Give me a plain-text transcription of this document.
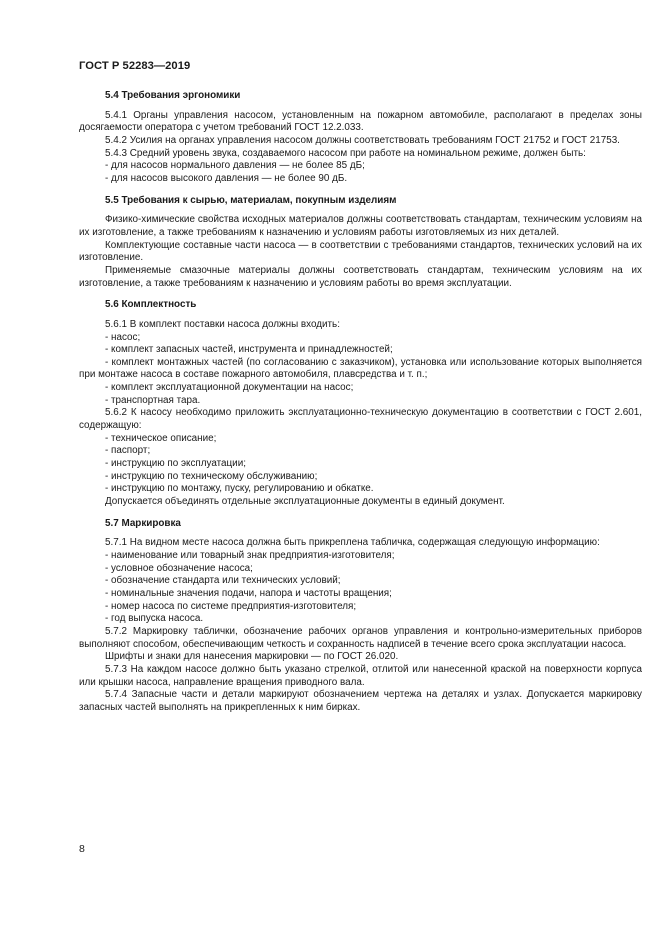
ГОСТ Р 52283—2019
5.4 Требования эргономики

5.4.1 Органы управления насосом, установленным на пожарном автомобиле, располагают в пределах зоны досягаемости оператора с учетом требований ГОСТ 12.2.033.

5.4.2 Усилия на органах управления насосом должны соответствовать требованиям ГОСТ 21752 и ГОСТ 21753.

5.4.3 Средний уровень звука, создаваемого насосом при работе на номинальном режиме, должен быть:

- для насосов нормального давления — не более 85 дБ;

- для насосов высокого давления — не более 90 дБ.

5.5 Требования к сырью, материалам, покупным изделиям

Физико-химические свойства исходных материалов должны соответствовать стандартам, техническим условиям на их изготовление, а также требованиям к назначению и условиям работы изготовляемых из них деталей.

Комплектующие составные части насоса — в соответствии с требованиями стандартов, технических условий на их изготовление.

Применяемые смазочные материалы должны соответствовать стандартам, техническим условиям на их изготовление, а также требованиям к назначению и условиям работы во время эксплуатации.

5.6 Комплектность

5.6.1 В комплект поставки насоса должны входить:

- насос;

- комплект запасных частей, инструмента и принадлежностей;

- комплект монтажных частей (по согласованию с заказчиком), установка или использование которых выполняется при монтаже насоса в составе пожарного автомобиля, плавсредства и т. п.;

- комплект эксплуатационной документации на насос;

- транспортная тара.

5.6.2 К насосу необходимо приложить эксплуатационно-техническую документацию в соответствии с ГОСТ 2.601, содержащую:

- техническое описание;

- паспорт;

- инструкцию по эксплуатации;

- инструкцию по техническому обслуживанию;

- инструкцию по монтажу, пуску, регулированию и обкатке.

Допускается объединять отдельные эксплуатационные документы в единый документ.

5.7 Маркировка

5.7.1 На видном месте насоса должна быть прикреплена табличка, содержащая следующую информацию:

- наименование или товарный знак предприятия-изготовителя;

- условное обозначение насоса;

- обозначение стандарта или технических условий;

- номинальные значения подачи, напора и частоты вращения;

- номер насоса по системе предприятия-изготовителя;

- год выпуска насоса.

5.7.2 Маркировку таблички, обозначение рабочих органов управления и контрольно-измерительных приборов выполняют способом, обеспечивающим четкость и сохранность надписей в течение всего срока эксплуатации насоса.

Шрифты и знаки для нанесения маркировки — по ГОСТ 26.020.

5.7.3 На каждом насосе должно быть указано стрелкой, отлитой или нанесенной краской на поверхности корпуса или крышки насоса, направление вращения приводного вала.

5.7.4 Запасные части и детали маркируют обозначением чертежа на деталях и узлах. Допускается маркировку запасных частей выполнять на прикрепленных к ним бирках.

8
